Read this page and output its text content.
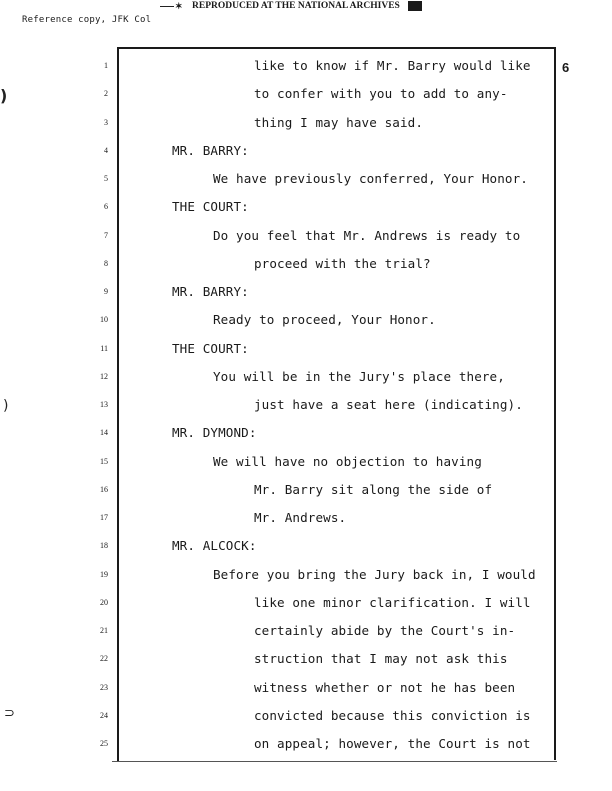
Reference copy, JFK Col
✶ REPRODUCED AT THE NATIONAL ARCHIVES
6
)
)
⊃
1	like to know if Mr. Barry would like
2	to confer with you to add to any-
3	thing I may have said.
4	MR. BARRY:
5	We have previously conferred, Your Honor.
6	THE COURT:
7	Do you feel that Mr. Andrews is ready to
8	proceed with the trial?
9	MR. BARRY:
10	Ready to proceed, Your Honor.
11	THE COURT:
12	You will be in the Jury's place there,
13	just have a seat here (indicating).
14	MR. DYMOND:
15	We will have no objection to having
16	Mr. Barry sit along the side of
17	Mr. Andrews.
18	MR. ALCOCK:
19	Before you bring the Jury back in, I would
20	like one minor clarification. I will
21	certainly abide by the Court's in-
22	struction that I may not ask this
23	witness whether or not he has been
24	convicted because this conviction is
25	on appeal; however, the Court is not
